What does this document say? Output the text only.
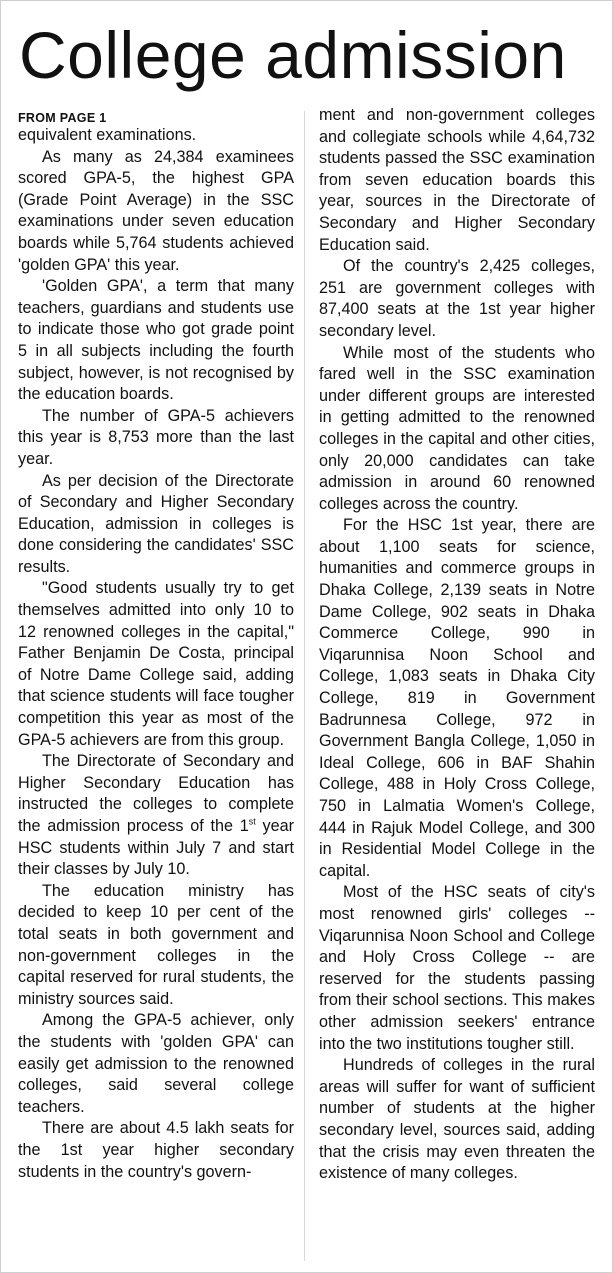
College admission
FROM PAGE 1

equivalent examinations.

As many as 24,384 examinees scored GPA-5, the highest GPA (Grade Point Average) in the SSC examinations under seven education boards while 5,764 students achieved 'golden GPA' this year.

'Golden GPA', a term that many teachers, guardians and students use to indicate those who got grade point 5 in all subjects including the fourth subject, however, is not recognised by the education boards.

The number of GPA-5 achievers this year is 8,753 more than the last year.

As per decision of the Directorate of Secondary and Higher Secondary Education, admission in colleges is done considering the candidates' SSC results.

"Good students usually try to get themselves admitted into only 10 to 12 renowned colleges in the capital," Father Benjamin De Costa, principal of Notre Dame College said, adding that science students will face tougher competition this year as most of the GPA-5 achievers are from this group.

The Directorate of Secondary and Higher Secondary Education has instructed the colleges to complete the admission process of the 1st year HSC students within July 7 and start their classes by July 10.

The education ministry has decided to keep 10 per cent of the total seats in both government and non-government colleges in the capital reserved for rural students, the ministry sources said.

Among the GPA-5 achiever, only the students with 'golden GPA' can easily get admission to the renowned colleges, said several college teachers.

There are about 4.5 lakh seats for the 1st year higher secondary students in the country's govern-

ment and non-government colleges and collegiate schools while 4,64,732 students passed the SSC examination from seven education boards this year, sources in the Directorate of Secondary and Higher Secondary Education said.

Of the country's 2,425 colleges, 251 are government colleges with 87,400 seats at the 1st year higher secondary level.

While most of the students who fared well in the SSC examination under different groups are interested in getting admitted to the renowned colleges in the capital and other cities, only 20,000 candidates can take admission in around 60 renowned colleges across the country.

For the HSC 1st year, there are about 1,100 seats for science, humanities and commerce groups in Dhaka College, 2,139 seats in Notre Dame College, 902 seats in Dhaka Commerce College, 990 in Viqarunnisa Noon School and College, 1,083 seats in Dhaka City College, 819 in Government Badrunnesa College, 972 in Government Bangla College, 1,050 in Ideal College, 606 in BAF Shahin College, 488 in Holy Cross College, 750 in Lalmatia Women's College, 444 in Rajuk Model College, and 300 in Residential Model College in the capital.

Most of the HSC seats of city's most renowned girls' colleges -- Viqarunnisa Noon School and College and Holy Cross College -- are reserved for the students passing from their school sections. This makes other admission seekers' entrance into the two institutions tougher still.

Hundreds of colleges in the rural areas will suffer for want of sufficient number of students at the higher secondary level, sources said, adding that the crisis may even threaten the existence of many colleges.
